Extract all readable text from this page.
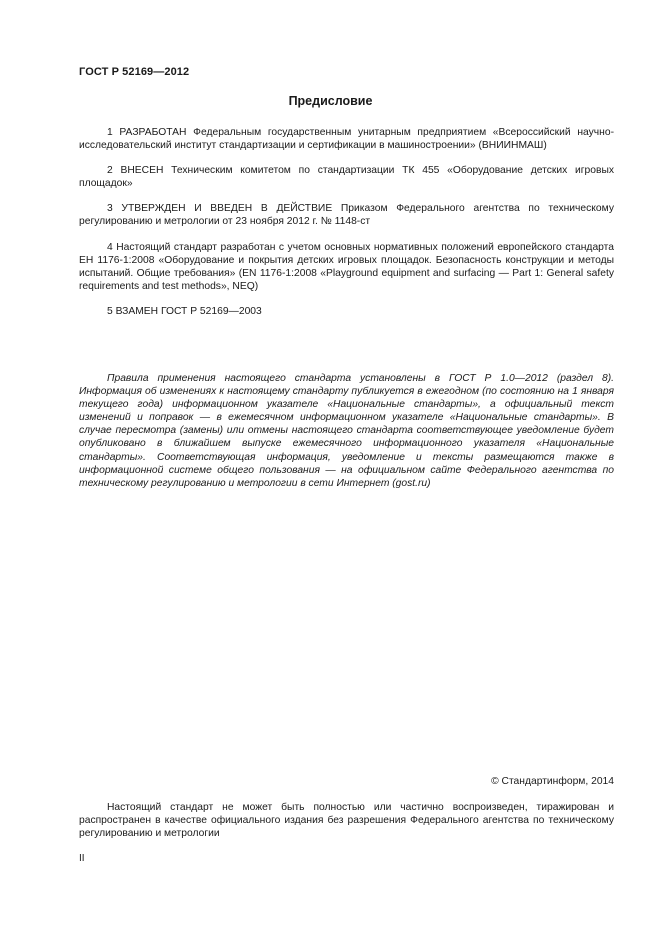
ГОСТ Р 52169—2012
Предисловие

1 РАЗРАБОТАН Федеральным государственным унитарным предприятием «Всероссийский научно-исследовательский институт стандартизации и сертификации в машиностроении» (ВНИИНМАШ)

2 ВНЕСЕН Техническим комитетом по стандартизации ТК 455 «Оборудование детских игровых площадок»

3 УТВЕРЖДЕН И ВВЕДЕН В ДЕЙСТВИЕ Приказом Федерального агентства по техническому регулированию и метрологии от 23 ноября 2012 г. № 1148-ст

4 Настоящий стандарт разработан с учетом основных нормативных положений европейского стандарта ЕН 1176-1:2008 «Оборудование и покрытия детских игровых площадок. Безопасность конструкции и методы испытаний. Общие требования» (EN 1176-1:2008 «Playground equipment and surfacing — Part 1: General safety requirements and test methods», NEQ)

5 ВЗАМЕН ГОСТ Р 52169—2003

Правила применения настоящего стандарта установлены в ГОСТ Р 1.0—2012 (раздел 8). Информация об изменениях к настоящему стандарту публикуется в ежегодном (по состоянию на 1 января текущего года) информационном указателе «Национальные стандарты», а официальный текст изменений и поправок — в ежемесячном информационном указателе «Национальные стандарты». В случае пересмотра (замены) или отмены настоящего стандарта соответствующее уведомление будет опубликовано в ближайшем выпуске ежемесячного информационного указателя «Национальные стандарты». Соответствующая информация, уведомление и тексты размещаются также в информационной системе общего пользования — на официальном сайте Федерального агентства по техническому регулированию и метрологии в сети Интернет (gost.ru)

© Стандартинформ, 2014

Настоящий стандарт не может быть полностью или частично воспроизведен, тиражирован и распространен в качестве официального издания без разрешения Федерального агентства по техническому регулированию и метрологии

II
